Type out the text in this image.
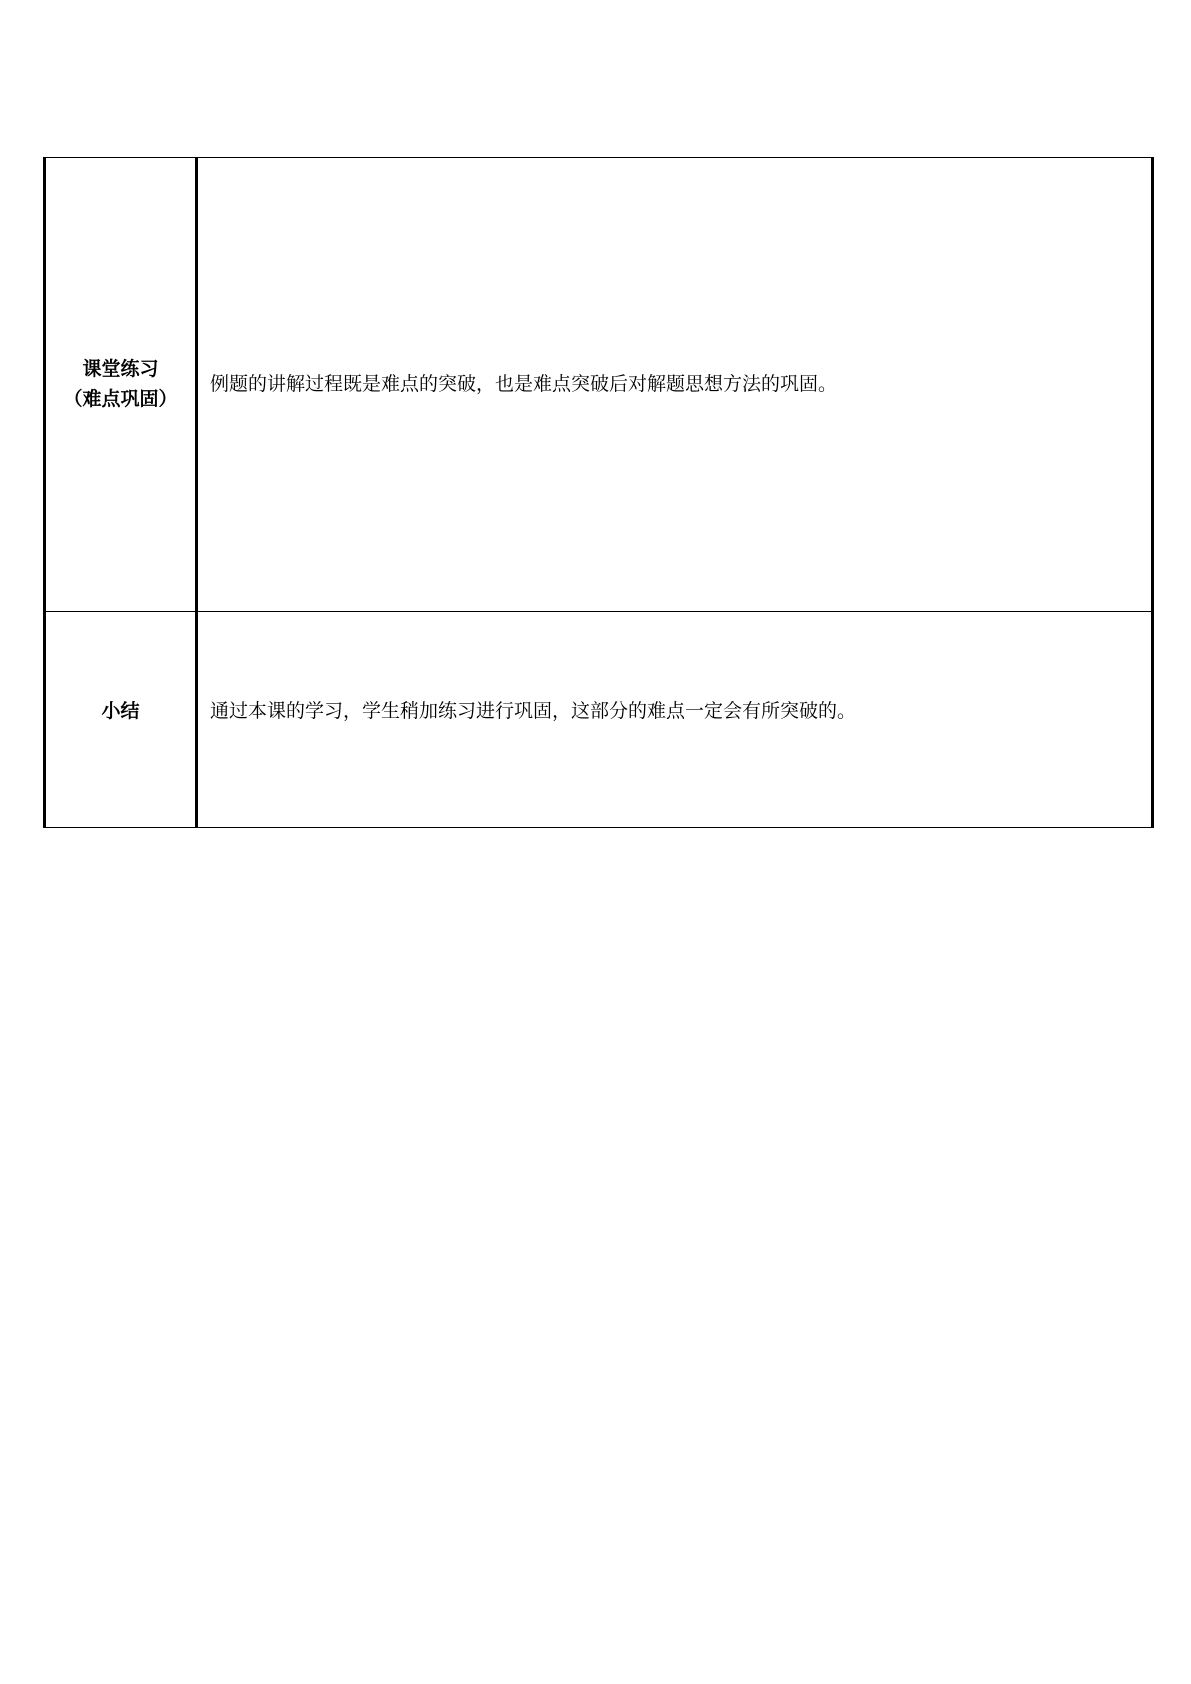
课堂练习
（难点巩固）	例题的讲解过程既是难点的突破，也是难点突破后对解题思想方法的巩固。

小结	通过本课的学习，学生稍加练习进行巩固，这部分的难点一定会有所突破的。
